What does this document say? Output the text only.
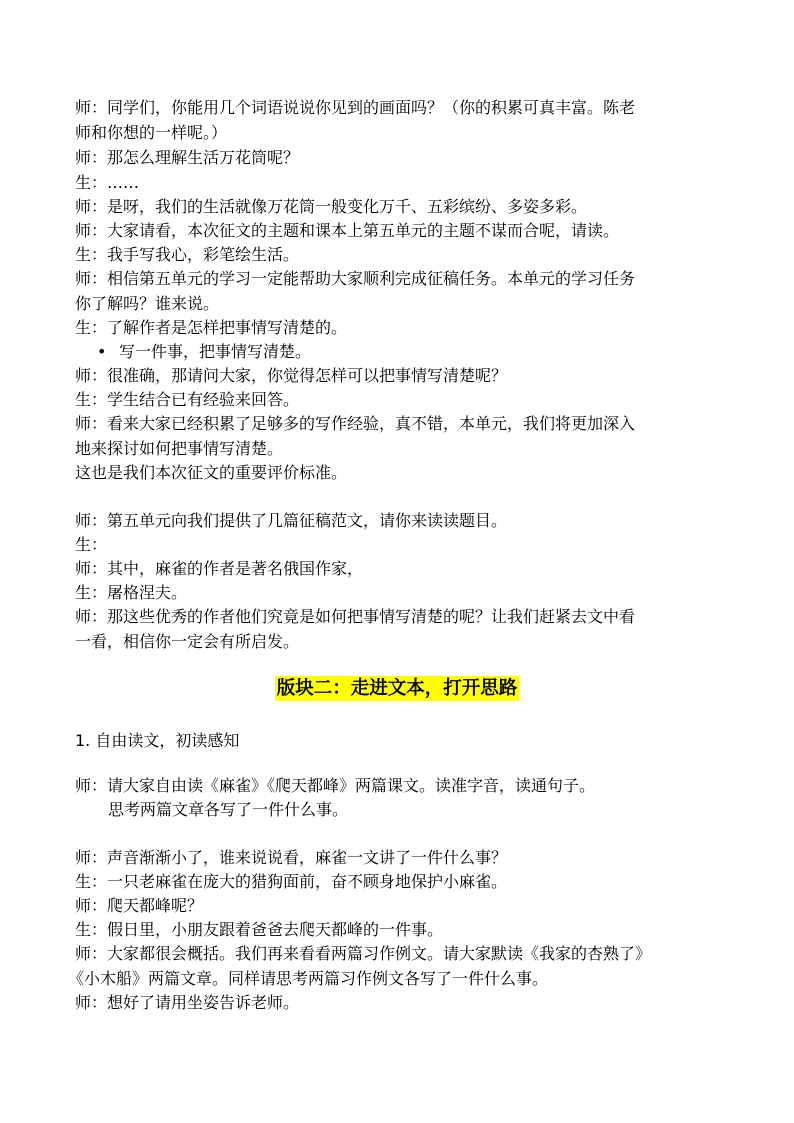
师：同学们，你能用几个词语说说你见到的画面吗？（你的积累可真丰富。陈老
师和你想的一样呢。）
师：那怎么理解生活万花筒呢？
生：……
师：是呀，我们的生活就像万花筒一般变化万千、五彩缤纷、多姿多彩。
师：大家请看，本次征文的主题和课本上第五单元的主题不谋而合呢，请读。
生：我手写我心，彩笔绘生活。
师：相信第五单元的学习一定能帮助大家顺利完成征稿任务。本单元的学习任务
你了解吗？谁来说。
生：了解作者是怎样把事情写清楚的。
• 写一件事，把事情写清楚。
师：很准确，那请问大家，你觉得怎样可以把事情写清楚呢？
生：学生结合已有经验来回答。
师：看来大家已经积累了足够多的写作经验，真不错，本单元，我们将更加深入
地来探讨如何把事情写清楚。
这也是我们本次征文的重要评价标准。
师：第五单元向我们提供了几篇征稿范文，请你来读读题目。
生：
师：其中，麻雀的作者是著名俄国作家，
生：屠格涅夫。
师：那这些优秀的作者他们究竟是如何把事情写清楚的呢？让我们赶紧去文中看
一看，相信你一定会有所启发。
版块二：走进文本，打开思路
1. 自由读文，初读感知
师：请大家自由读《麻雀》《爬天都峰》两篇课文。读准字音，读通句子。
思考两篇文章各写了一件什么事。
师：声音渐渐小了，谁来说说看，麻雀一文讲了一件什么事？
生：一只老麻雀在庞大的猎狗面前，奋不顾身地保护小麻雀。
师：爬天都峰呢？
生：假日里，小朋友跟着爸爸去爬天都峰的一件事。
师：大家都很会概括。我们再来看看两篇习作例文。请大家默读《我家的杏熟了》
《小木船》两篇文章。同样请思考两篇习作例文各写了一件什么事。
师：想好了请用坐姿告诉老师。
